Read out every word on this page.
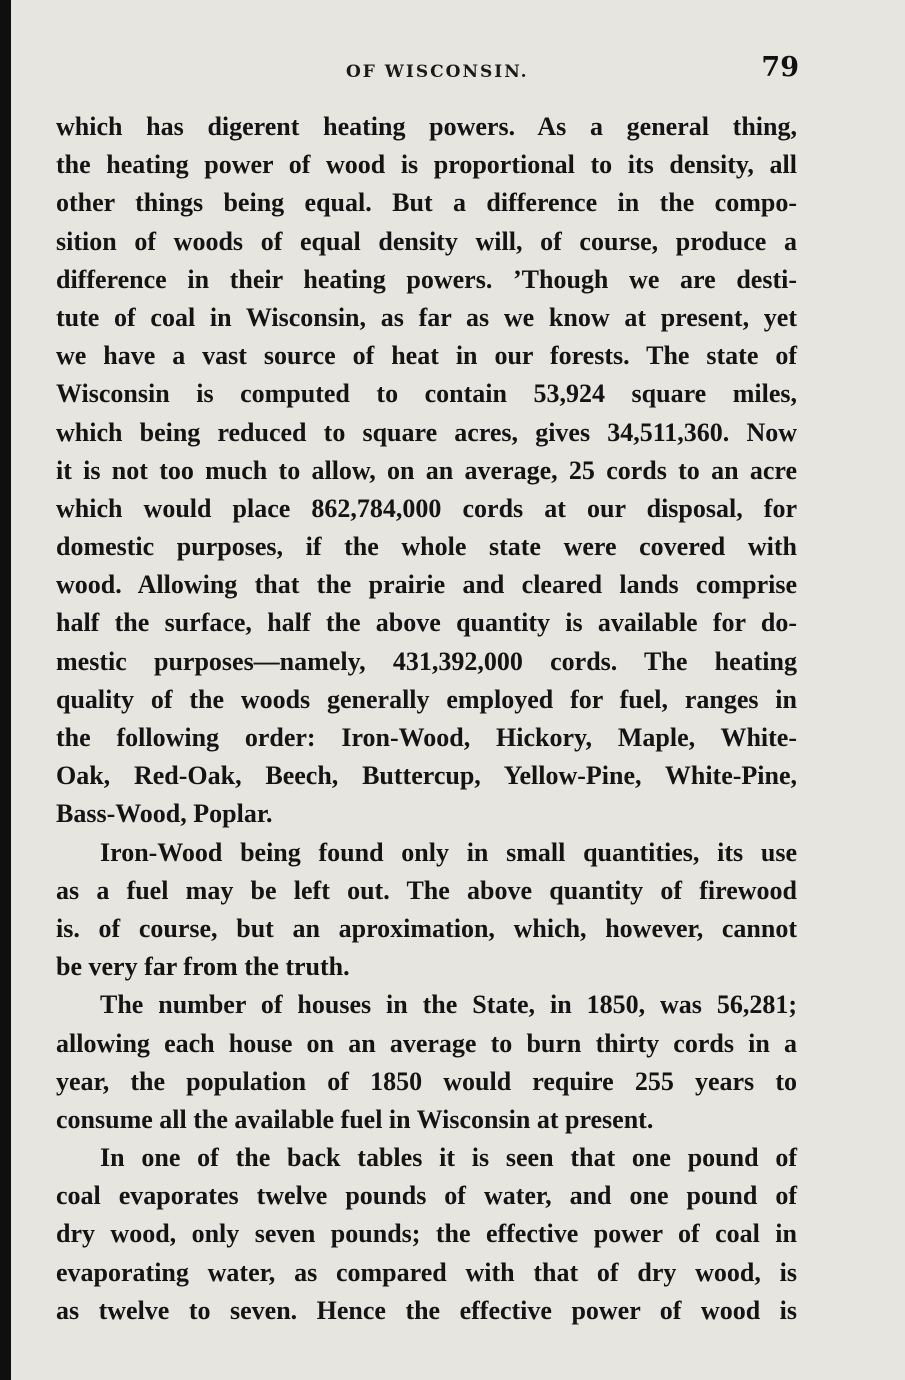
OF WISCONSIN.	79
which has digerent heating powers. As a general thing,
the heating power of wood is proportional to its density, all
other things being equal. But a difference in the compo-
sition of woods of equal density will, of course, produce a
difference in their heating powers. ’Though we are desti-
tute of coal in Wisconsin, as far as we know at present, yet
we have a vast source of heat in our forests. The state of
Wisconsin is computed to contain 53,924 square miles,
which being reduced to square acres, gives 34,511,360. Now
it is not too much to allow, on an average, 25 cords to an acre
which would place 862,784,000 cords at our disposal, for
domestic purposes, if the whole state were covered with
wood. Allowing that the prairie and cleared lands comprise
half the surface, half the above quantity is available for do-
mestic purposes—namely, 431,392,000 cords. The heating
quality of the woods generally employed for fuel, ranges in
the following order: Iron-Wood, Hickory, Maple, White-
Oak, Red-Oak, Beech, Buttercup, Yellow-Pine, White-Pine,
Bass-Wood, Poplar.
Iron-Wood being found only in small quantities, its use
as a fuel may be left out. The above quantity of firewood
is. of course, but an aproximation, which, however, cannot
be very far from the truth.
The number of houses in the State, in 1850, was 56,281;
allowing each house on an average to burn thirty cords in a
year, the population of 1850 would require 255 years to
consume all the available fuel in Wisconsin at present.
In one of the back tables it is seen that one pound of
coal evaporates twelve pounds of water, and one pound of
dry wood, only seven pounds; the effective power of coal in
evaporating water, as compared with that of dry wood, is
as twelve to seven. Hence the effective power of wood is
